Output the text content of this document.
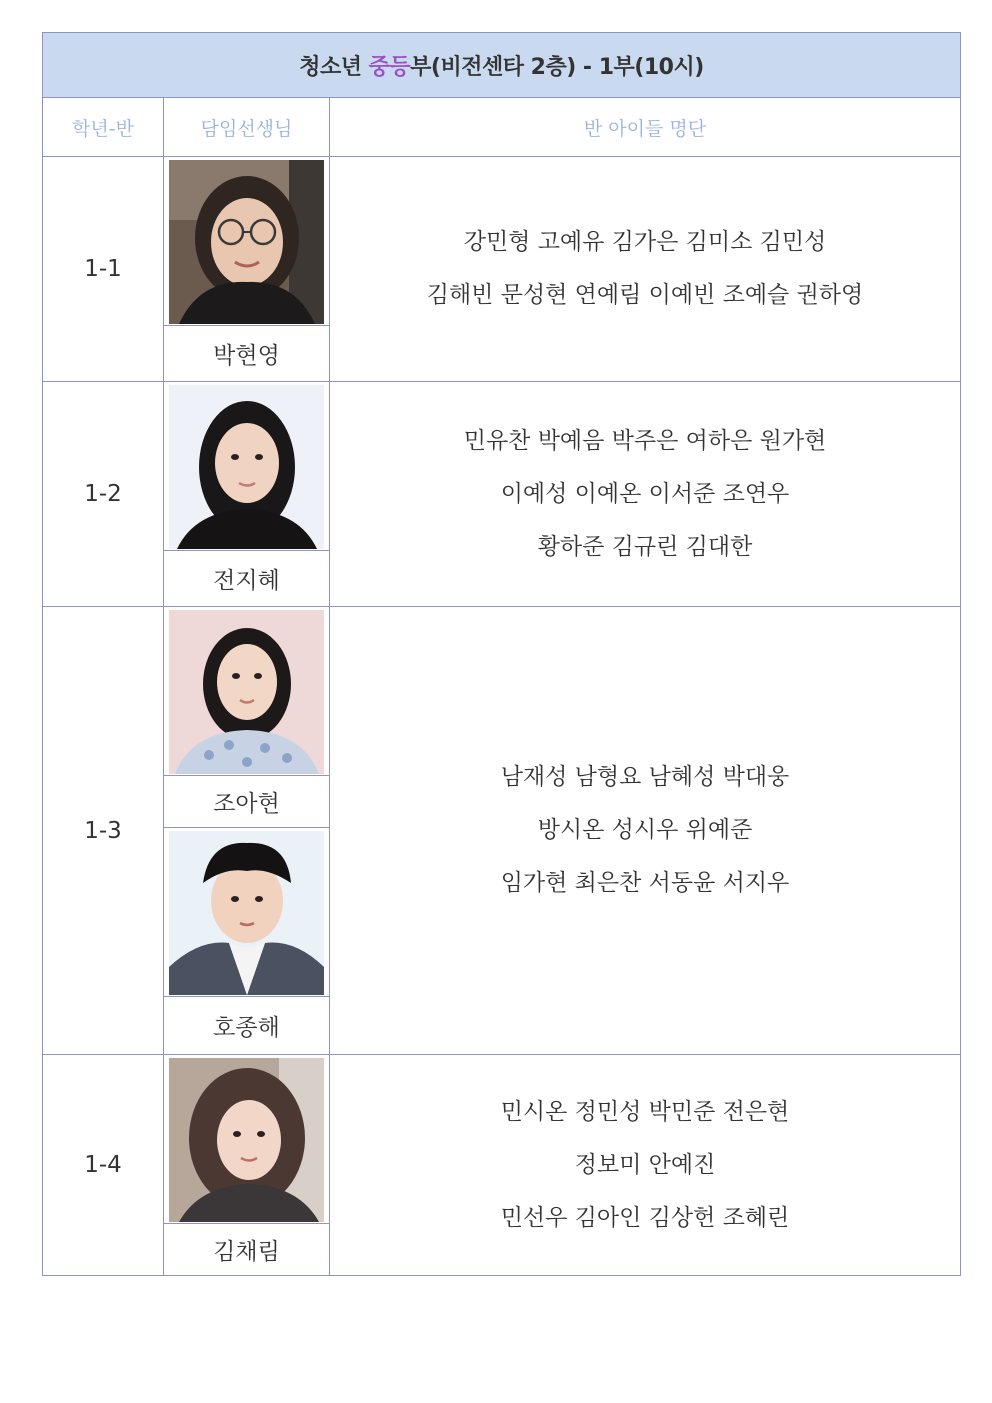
청소년 중등부(비전센타 2층) - 1부(10시)		
학년-반	담임선생님	반 아이들 명단
1-1		강민형 고예유 김가은 김미소 김민성
김해빈 문성현 연예림 이예빈 조예슬 권하영

	박현영	
1-2		민유찬 박예음 박주은 여하은 원가현
이예성 이예온 이서준 조연우
황하준 김규린 김대한

	전지혜	
1-3		남재성 남형요 남혜성 박대웅
방시온 성시우 위예준
임가현 최은찬 서동윤 서지우

	조아현	

	호종해	
1-4		민시온 정민성 박민준 전은현
정보미 안예진
민선우 김아인 김상헌 조혜린

	김채림	
